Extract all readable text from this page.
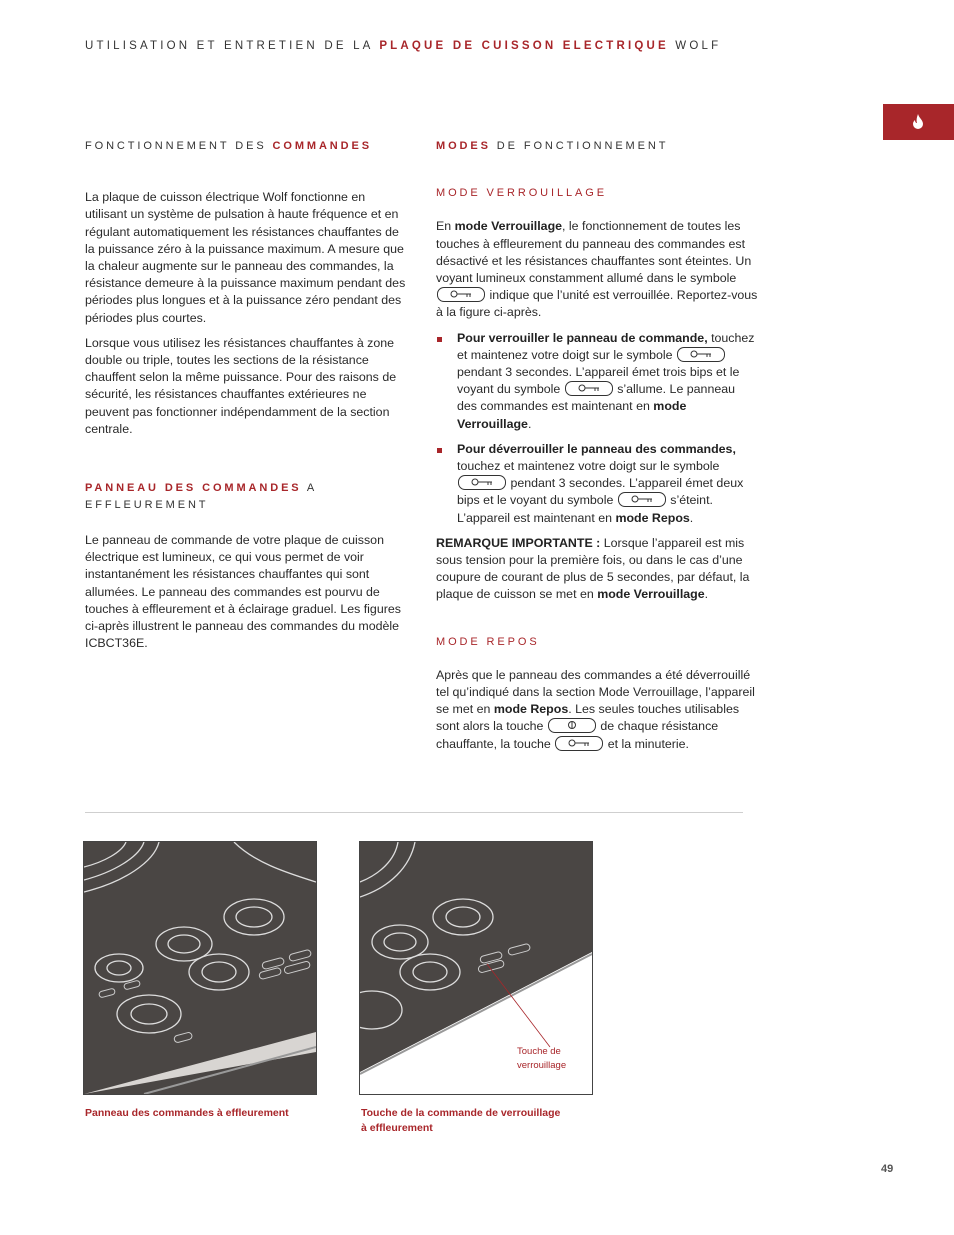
UTILISATION ET ENTRETIEN DE LA PLAQUE DE CUISSON ELECTRIQUE WOLF
FONCTIONNEMENT DES COMMANDES

La plaque de cuisson électrique Wolf fonctionne en utilisant un système de pulsation à haute fréquence et en régulant automatiquement les résistances chauffantes de la puissance zéro à la puissance maximum. A mesure que la chaleur augmente sur le panneau des commandes, la résistance demeure à la puissance maximum pendant des périodes plus longues et à la puissance zéro pendant des périodes plus courtes.

Lorsque vous utilisez les résistances chauffantes à zone double ou triple, toutes les sections de la résistance chauffent selon la même puissance. Pour des raisons de sécurité, les résistances chauffantes extérieures ne peuvent pas fonctionner indépendamment de la section centrale.

PANNEAU DES COMMANDES A EFFLEUREMENT

Le panneau de commande de votre plaque de cuisson électrique est lumineux, ce qui vous permet de voir instantanément les résistances chauffantes qui sont allumées. Le panneau des commandes est pourvu de touches à effleurement et à éclairage graduel. Les figures ci-après illustrent le panneau des commandes du modèle ICBCT36E.

MODES DE FONCTIONNEMENT
MODE VERROUILLAGE

En mode Verrouillage, le fonctionnement de toutes les touches à effleurement du panneau des commandes est désactivé et les résistances chauffantes sont éteintes. Un voyant lumineux constamment allumé dans le symbole
indique que l’unité est verrouillée. Reportez-vous à la figure ci-après.

Pour verrouiller le panneau de commande, touchez et maintenez votre doigt sur le symbole
pendant 3 secondes. L’appareil émet trois bips et le voyant du symbole	s’allume. Le panneau des commandes est maintenant en mode Verrouillage.
Pour déverrouiller le panneau des commandes, touchez et maintenez votre doigt sur le symbole
pendant 3 secondes. L’appareil émet deux bips et le voyant du symbole	s’éteint. L’appareil est maintenant en mode Repos.

REMARQUE IMPORTANTE : Lorsque l’appareil est mis sous tension pour la première fois, ou dans le cas d’une coupure de courant de plus de 5 secondes, par défaut, la plaque de cuisson se met en mode Verrouillage.

MODE REPOS

Après que le panneau des commandes a été déverrouillé tel qu’indiqué dans la section Mode Verrouillage, l’appareil se met en mode Repos. Les seules touches utilisables sont alors la touche	de chaque résistance chauffante, la touche	et la minuterie.

Panneau des commandes à effleurement
Touche de
verrouillage
Touche de la commande de verrouillage
à effleurement
49
